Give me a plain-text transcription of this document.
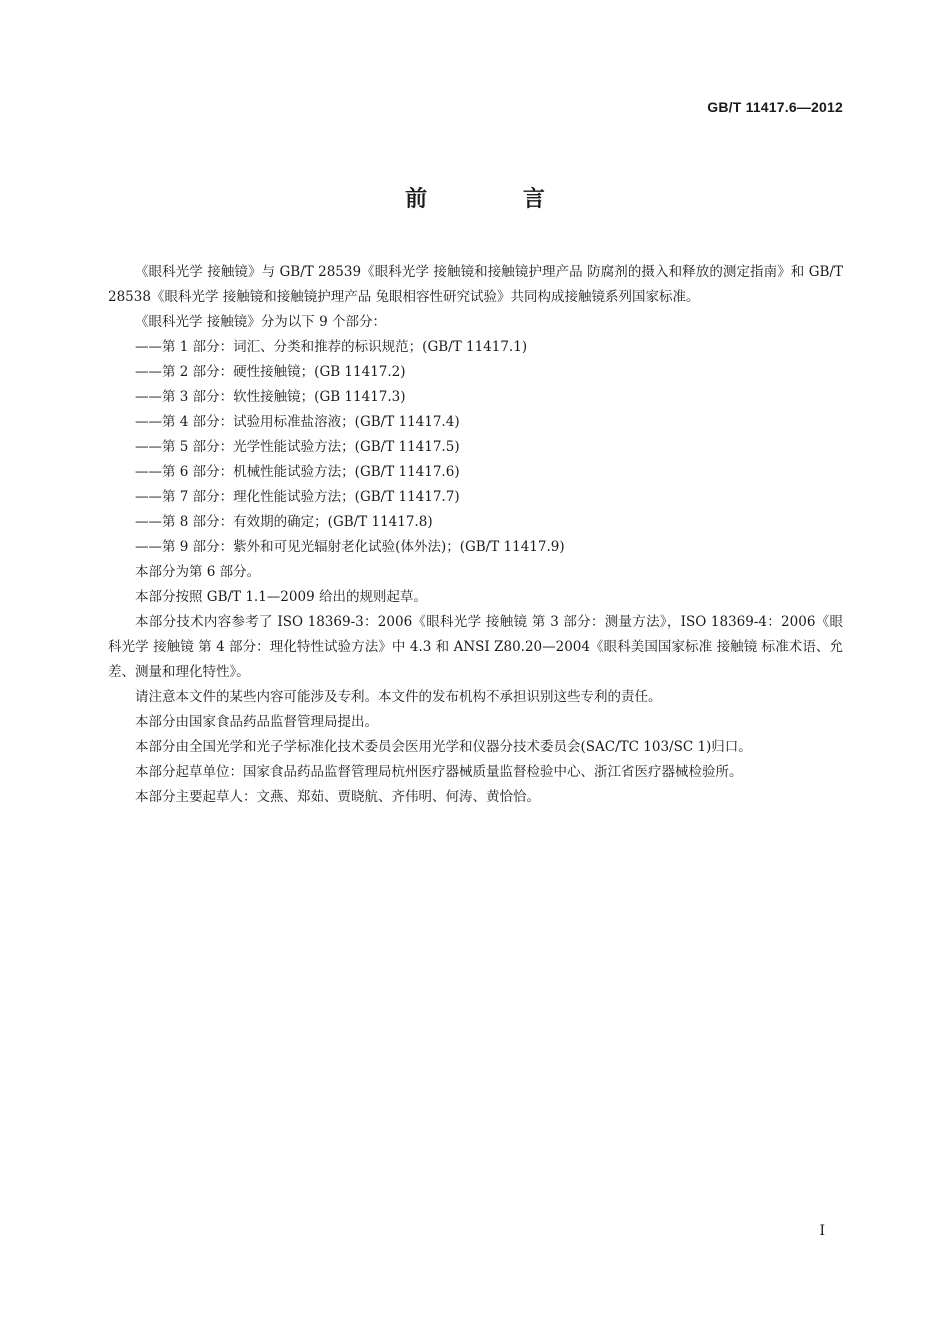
GB/T 11417.6—2012
前 言

《眼科光学 接触镜》与 GB/T 28539《眼科光学 接触镜和接触镜护理产品 防腐剂的摄入和释放的测定指南》和 GB/T 28538《眼科光学 接触镜和接触镜护理产品 兔眼相容性研究试验》共同构成接触镜系列国家标准。

《眼科光学 接触镜》分为以下 9 个部分：

——第 1 部分：词汇、分类和推荐的标识规范；(GB/T 11417.1)

——第 2 部分：硬性接触镜；(GB 11417.2)

——第 3 部分：软性接触镜；(GB 11417.3)

——第 4 部分：试验用标准盐溶液；(GB/T 11417.4)

——第 5 部分：光学性能试验方法；(GB/T 11417.5)

——第 6 部分：机械性能试验方法；(GB/T 11417.6)

——第 7 部分：理化性能试验方法；(GB/T 11417.7)

——第 8 部分：有效期的确定；(GB/T 11417.8)

——第 9 部分：紫外和可见光辐射老化试验(体外法)；(GB/T 11417.9)

本部分为第 6 部分。

本部分按照 GB/T 1.1—2009 给出的规则起草。

本部分技术内容参考了 ISO 18369-3：2006《眼科光学 接触镜 第 3 部分：测量方法》，ISO 18369-4：2006《眼科光学 接触镜 第 4 部分：理化特性试验方法》中 4.3 和 ANSI Z80.20—2004《眼科美国国家标准 接触镜 标准术语、允差、测量和理化特性》。

请注意本文件的某些内容可能涉及专利。本文件的发布机构不承担识别这些专利的责任。

本部分由国家食品药品监督管理局提出。

本部分由全国光学和光子学标准化技术委员会医用光学和仪器分技术委员会(SAC/TC 103/SC 1)归口。

本部分起草单位：国家食品药品监督管理局杭州医疗器械质量监督检验中心、浙江省医疗器械检验所。

本部分主要起草人：文燕、郑茹、贾晓航、齐伟明、何涛、黄恰恰。

I
